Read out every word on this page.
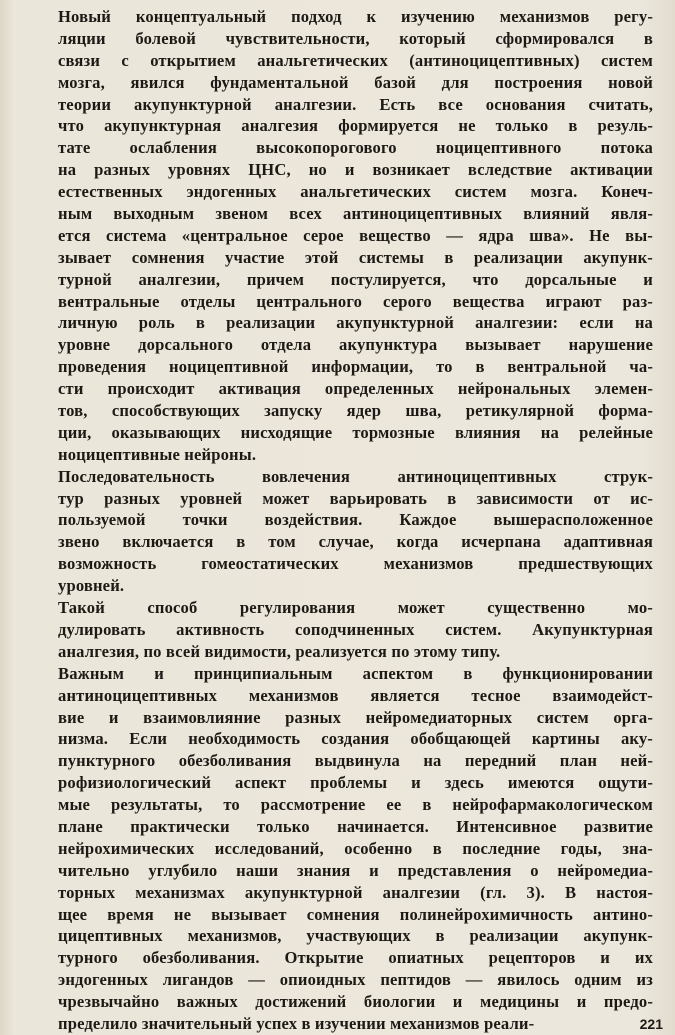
Новый концептуальный подход к изучению механизмов регу-
ляции болевой чувствительности, который сформировался в
связи с открытием анальгетических (антиноцицептивных) систем
мозга, явился фундаментальной базой для построения новой
теории акупунктурной аналгезии. Есть все основания считать,
что акупунктурная аналгезия формируется не только в резуль-
тате ослабления высокопорогового ноцицептивного потока
на разных уровнях ЦНС, но и возникает вследствие активации
естественных эндогенных анальгетических систем мозга. Конеч-
ным выходным звеном всех антиноцицептивных влияний явля-
ется система «центральное серое вещество — ядра шва». Не вы-
зывает сомнения участие этой системы в реализации акупунк-
турной аналгезии, причем постулируется, что дорсальные и
вентральные отделы центрального серого вещества играют раз-
личную роль в реализации акупунктурной аналгезии: если на
уровне дорсального отдела акупунктура вызывает нарушение
проведения ноцицептивной информации, то в вентральной ча-
сти происходит активация определенных нейрональных элемен-
тов, способствующих запуску ядер шва, ретикулярной форма-
ции, оказывающих нисходящие тормозные влияния на релейные
ноцицептивные нейроны.
Последовательность вовлечения антиноцицептивных струк-
тур разных уровней может варьировать в зависимости от ис-
пользуемой точки воздействия. Каждое вышерасположенное
звено включается в том случае, когда исчерпана адаптивная
возможность гомеостатических механизмов предшествующих
уровней.
Такой способ регулирования может существенно мо-
дулировать активность соподчиненных систем. Акупунктурная
аналгезия, по всей видимости, реализуется по этому типу.
Важным и принципиальным аспектом в функционировании
антиноцицептивных механизмов является тесное взаимодейст-
вие и взаимовлияние разных нейромедиаторных систем орга-
низма. Если необходимость создания обобщающей картины аку-
пунктурного обезболивания выдвинула на передний план ней-
рофизиологический аспект проблемы и здесь имеются ощути-
мые результаты, то рассмотрение ее в нейрофармакологическом
плане практически только начинается. Интенсивное развитие
нейрохимических исследований, особенно в последние годы, зна-
чительно углубило наши знания и представления о нейромедиа-
торных механизмах акупунктурной аналгезии (гл. 3). В настоя-
щее время не вызывает сомнения полинейрохимичность антино-
цицептивных механизмов, участвующих в реализации акупунк-
турного обезболивания. Открытие опиатных рецепторов и их
эндогенных лигандов — опиоидных пептидов — явилось одним из
чрезвычайно важных достижений биологии и медицины и предо-
пределило значительный успех в изучении механизмов реали-	221
